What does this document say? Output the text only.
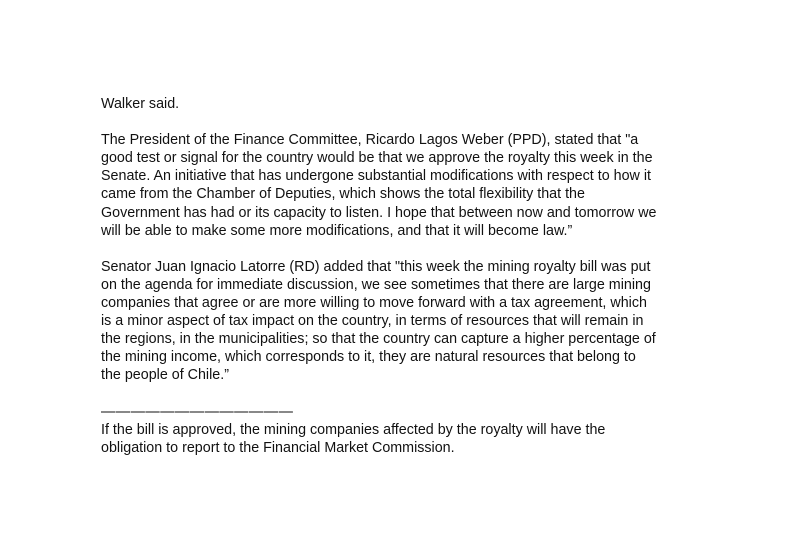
Walker said.

The President of the Finance Committee, Ricardo Lagos Weber (PPD), stated that "a
good test or signal for the country would be that we approve the royalty this week in the
Senate. An initiative that has undergone substantial modifications with respect to how it
came from the Chamber of Deputies, which shows the total flexibility that the
Government has had or its capacity to listen. I hope that between now and tomorrow we
will be able to make some more modifications, and that it will become law.”

Senator Juan Ignacio Latorre (RD) added that "this week the mining royalty bill was put
on the agenda for immediate discussion, we see sometimes that there are large mining
companies that agree or are more willing to move forward with a tax agreement, which
is a minor aspect of tax impact on the country, in terms of resources that will remain in
the regions, in the municipalities; so that the country can capture a higher percentage of
the mining income, which corresponds to it, they are natural resources that belong to
the people of Chile.”

—————————————

If the bill is approved, the mining companies affected by the royalty will have the
obligation to report to the Financial Market Commission.
